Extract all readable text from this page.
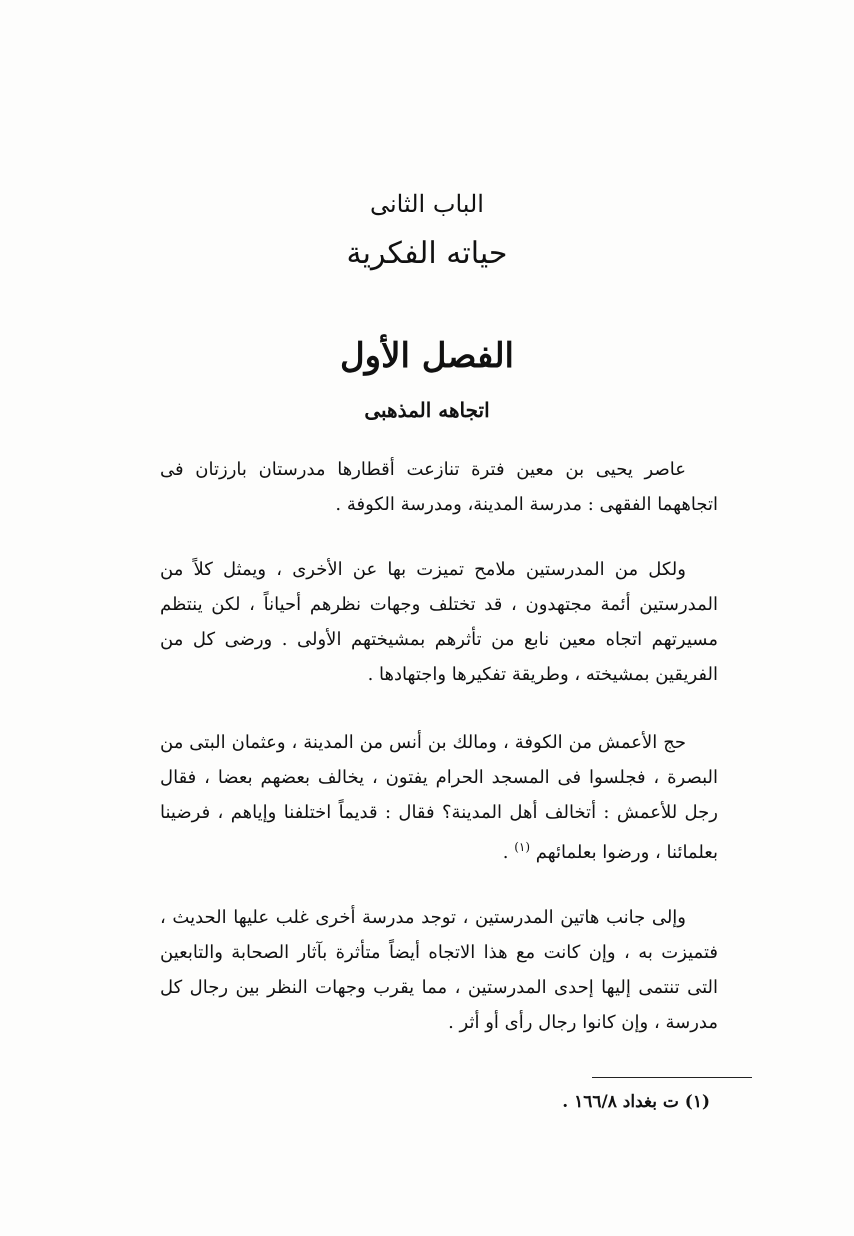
الباب الثانى
حياته الفكرية
الفصل الأول
اتجاهه المذهبى
عاصر يحيى بن معين فترة تنازعت أقطارها مدرستان بارزتان فى اتجاههما الفقهى : مدرسة المدينة، ومدرسة الكوفة .
ولكل من المدرستين ملامح تميزت بها عن الأخرى ، ويمثل كلاً من المدرستين أئمة مجتهدون ، قد تختلف وجهات نظرهم أحياناً ، لكن ينتظم مسيرتهم اتجاه معين نابع من تأثرهم بمشيختهم الأولى . ورضى كل من الفريقين بمشيخته ، وطريقة تفكيرها واجتهادها .
حج الأعمش من الكوفة ، ومالك بن أنس من المدينة ، وعثمان البتى من البصرة ، فجلسوا فى المسجد الحرام يفتون ، يخالف بعضهم بعضا ، فقال رجل للأعمش : أتخالف أهل المدينة؟ فقال : قديماً اختلفنا وإياهم ، فرضينا بعلمائنا ، ورضوا بعلمائهم $^{(١)}$ .
وإلى جانب هاتين المدرستين ، توجد مدرسة أخرى غلب عليها الحديث ، فتميزت به ، وإن كانت مع هذا الاتجاه أيضاً متأثرة بآثار الصحابة والتابعين التى تنتمى إليها إحدى المدرستين ، مما يقرب وجهات النظر بين رجال كل مدرسة ، وإن كانوا رجال رأى أو أثر .
(١) ت بغداد ١٦٦/٨ .
